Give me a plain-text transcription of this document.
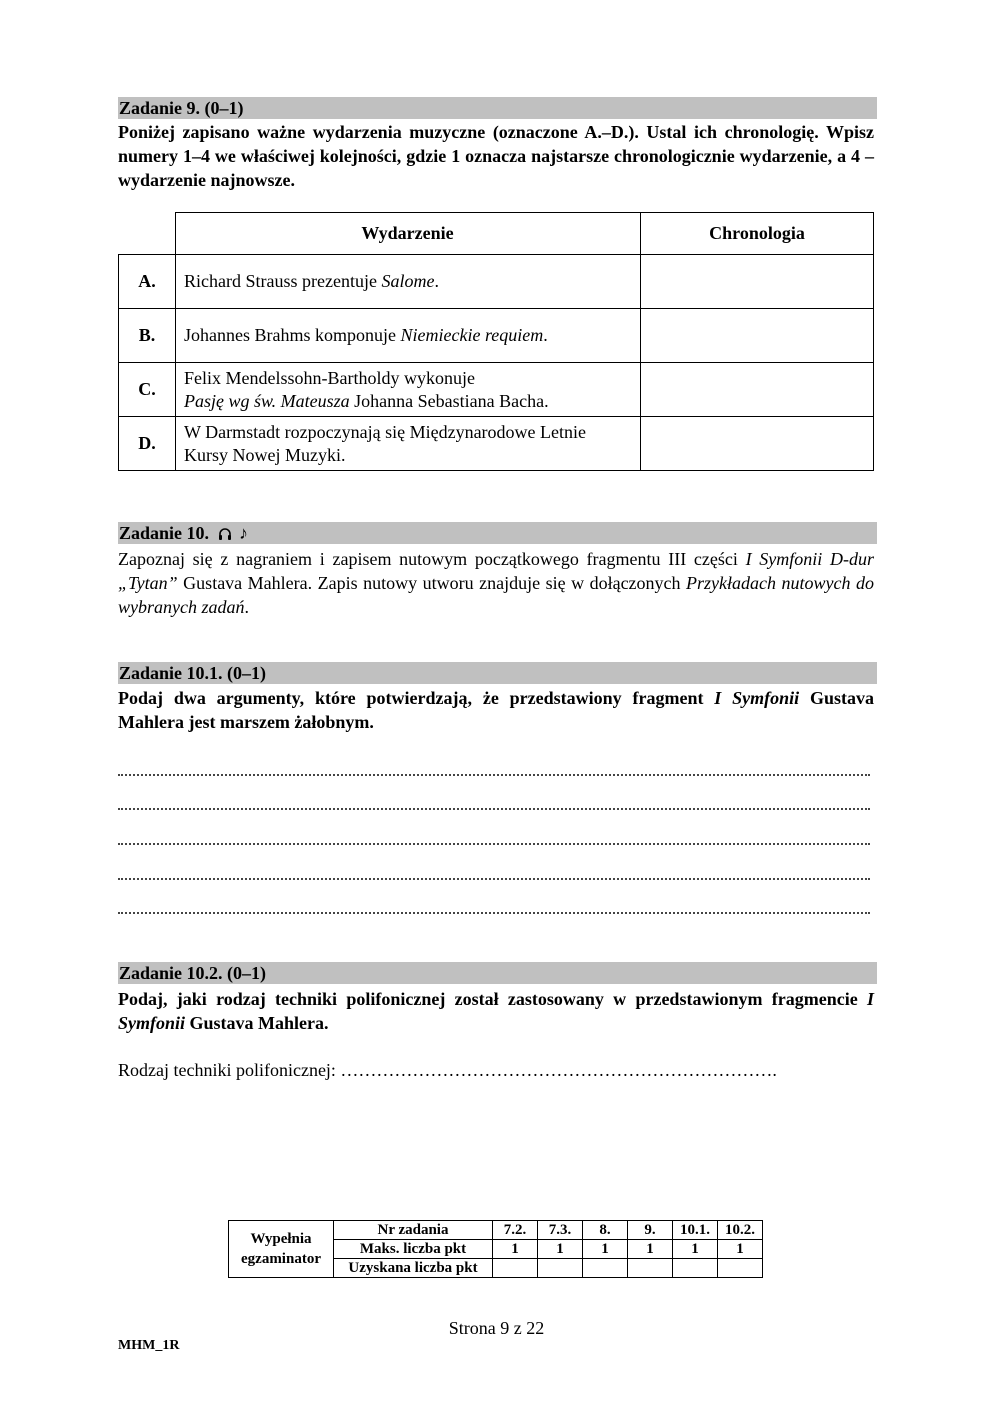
Zadanie 9. (0–1)
Poniżej zapisano ważne wydarzenia muzyczne (oznaczone A.–D.). Ustal ich chronologię. Wpisz numery 1–4 we właściwej kolejności, gdzie 1 oznacza najstarsze chronologicznie wydarzenie, a 4 – wydarzenie najnowsze.
	Wydarzenie	Chronologia
A.	Richard Strauss prezentuje Salome.	
B.	Johannes Brahms komponuje Niemieckie requiem.	
C.	Felix Mendelssohn-Bartholdy wykonuje
Pasję wg św. Mateusza Johanna Sebastiana Bacha.	
D.	W Darmstadt rozpoczynają się Międzynarodowe Letnie
Kursy Nowej Muzyki.	
Zadanie 10. ♪
Zapoznaj się z nagraniem i zapisem nutowym początkowego fragmentu III części I Symfonii D-dur „Tytan” Gustava Mahlera. Zapis nutowy utworu znajduje się w dołączonych Przykładach nutowych do wybranych zadań.
Zadanie 10.1. (0–1)
Podaj dwa argumenty, które potwierdzają, że przedstawiony fragment I Symfonii Gustava Mahlera jest marszem żałobnym.
Zadanie 10.2. (0–1)
Podaj, jaki rodzaj techniki polifonicznej został zastosowany w przedstawionym fragmencie I Symfonii Gustava Mahlera.
Rodzaj techniki polifonicznej: ……………………………………………………………….
Wypełnia
egzaminator	Nr zadania	7.2.	7.3.	8.	9.	10.1.	10.2.
	Maks. liczba pkt	1	1	1	1	1	1
	Uzyskana liczba pkt						
Strona 9 z 22
MHM_1R
